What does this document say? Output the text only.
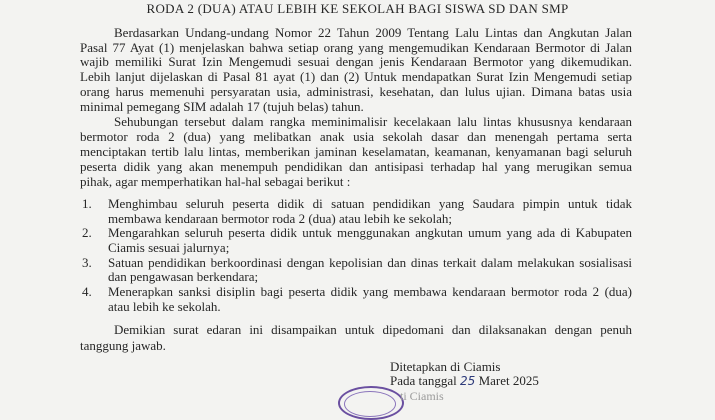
RODA 2 (DUA) ATAU LEBIH KE SEKOLAH BAGI SISWA SD DAN SMP
Berdasarkan Undang-undang Nomor 22 Tahun 2009 Tentang Lalu Lintas dan Angkutan Jalan
Pasal 77 Ayat (1) menjelaskan bahwa setiap orang yang mengemudikan Kendaraan Bermotor di Jalan
wajib memiliki Surat Izin Mengemudi sesuai dengan jenis Kendaraan Bermotor yang dikemudikan.
Lebih lanjut dijelaskan di Pasal 81 ayat (1) dan (2) Untuk mendapatkan Surat Izin Mengemudi setiap
orang harus memenuhi persyaratan usia, administrasi, kesehatan, dan lulus ujian. Dimana batas usia
minimal pemegang SIM adalah 17 (tujuh belas) tahun.
Sehubungan tersebut dalam rangka meminimalisir kecelakaan lalu lintas khususnya kendaraan
bermotor roda 2 (dua) yang melibatkan anak usia sekolah dasar dan menengah pertama serta
menciptakan tertib lalu lintas, memberikan jaminan keselamatan, keamanan, kenyamanan bagi seluruh
peserta didik yang akan menempuh pendidikan dan antisipasi terhadap hal yang merugikan semua
pihak, agar memperhatikan hal-hal sebagai berikut :
1. Menghimbau seluruh peserta didik di satuan pendidikan yang Saudara pimpin untuk tidak
membawa kendaraan bermotor roda 2 (dua) atau lebih ke sekolah;
2. Mengarahkan seluruh peserta didik untuk menggunakan angkutan umum yang ada di Kabupaten
Ciamis sesuai jalurnya;
3. Satuan pendidikan berkoordinasi dengan kepolisian dan dinas terkait dalam melakukan sosialisasi
dan pengawasan berkendara;
4. Menerapkan sanksi disiplin bagi peserta didik yang membawa kendaraan bermotor roda 2 (dua)
atau lebih ke sekolah.
Demikian surat edaran ini disampaikan untuk dipedomani dan dilaksanakan dengan penuh
tanggung jawab.
Ditetapkan di Ciamis
Pada tanggal 25 Maret 2025
ti Ciamis
